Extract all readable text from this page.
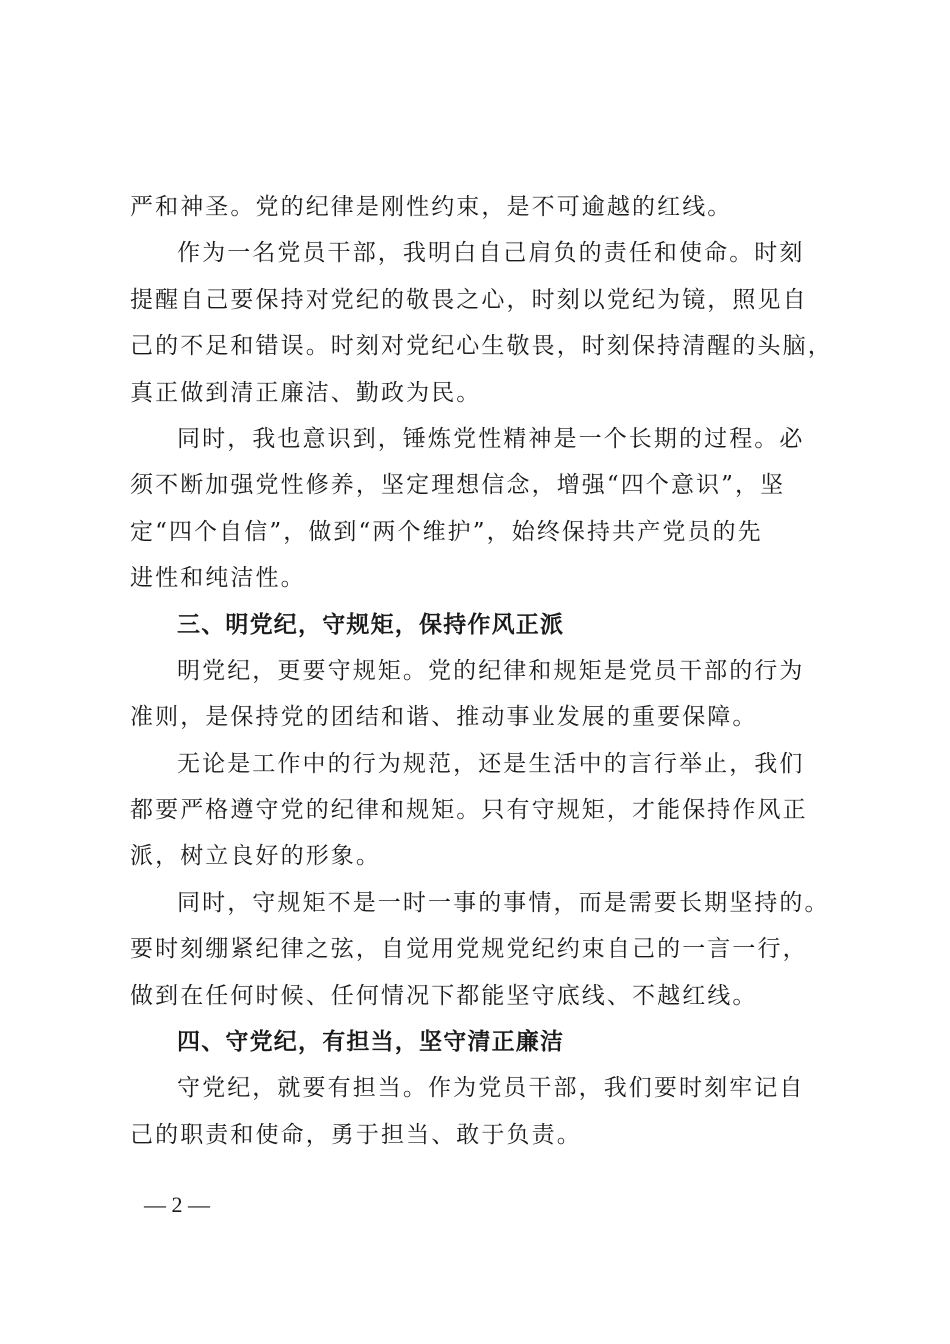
严和神圣。党的纪律是刚性约束，是不可逾越的红线。
作为一名党员干部，我明白自己肩负的责任和使命。时刻
提醒自己要保持对党纪的敬畏之心，时刻以党纪为镜，照见自
己的不足和错误。时刻对党纪心生敬畏，时刻保持清醒的头脑，
真正做到清正廉洁、勤政为民。
同时，我也意识到，锤炼党性精神是一个长期的过程。必
须不断加强党性修养，坚定理想信念，增强“四个意识”，坚
定“四个自信”，做到“两个维护”，始终保持共产党员的先
进性和纯洁性。
三、明党纪，守规矩，保持作风正派
明党纪，更要守规矩。党的纪律和规矩是党员干部的行为
准则，是保持党的团结和谐、推动事业发展的重要保障。
无论是工作中的行为规范，还是生活中的言行举止，我们
都要严格遵守党的纪律和规矩。只有守规矩，才能保持作风正
派，树立良好的形象。
同时，守规矩不是一时一事的事情，而是需要长期坚持的。
要时刻绷紧纪律之弦，自觉用党规党纪约束自己的一言一行，
做到在任何时候、任何情况下都能坚守底线、不越红线。
四、守党纪，有担当，坚守清正廉洁
守党纪，就要有担当。作为党员干部，我们要时刻牢记自
己的职责和使命，勇于担当、敢于负责。
— 2 —
